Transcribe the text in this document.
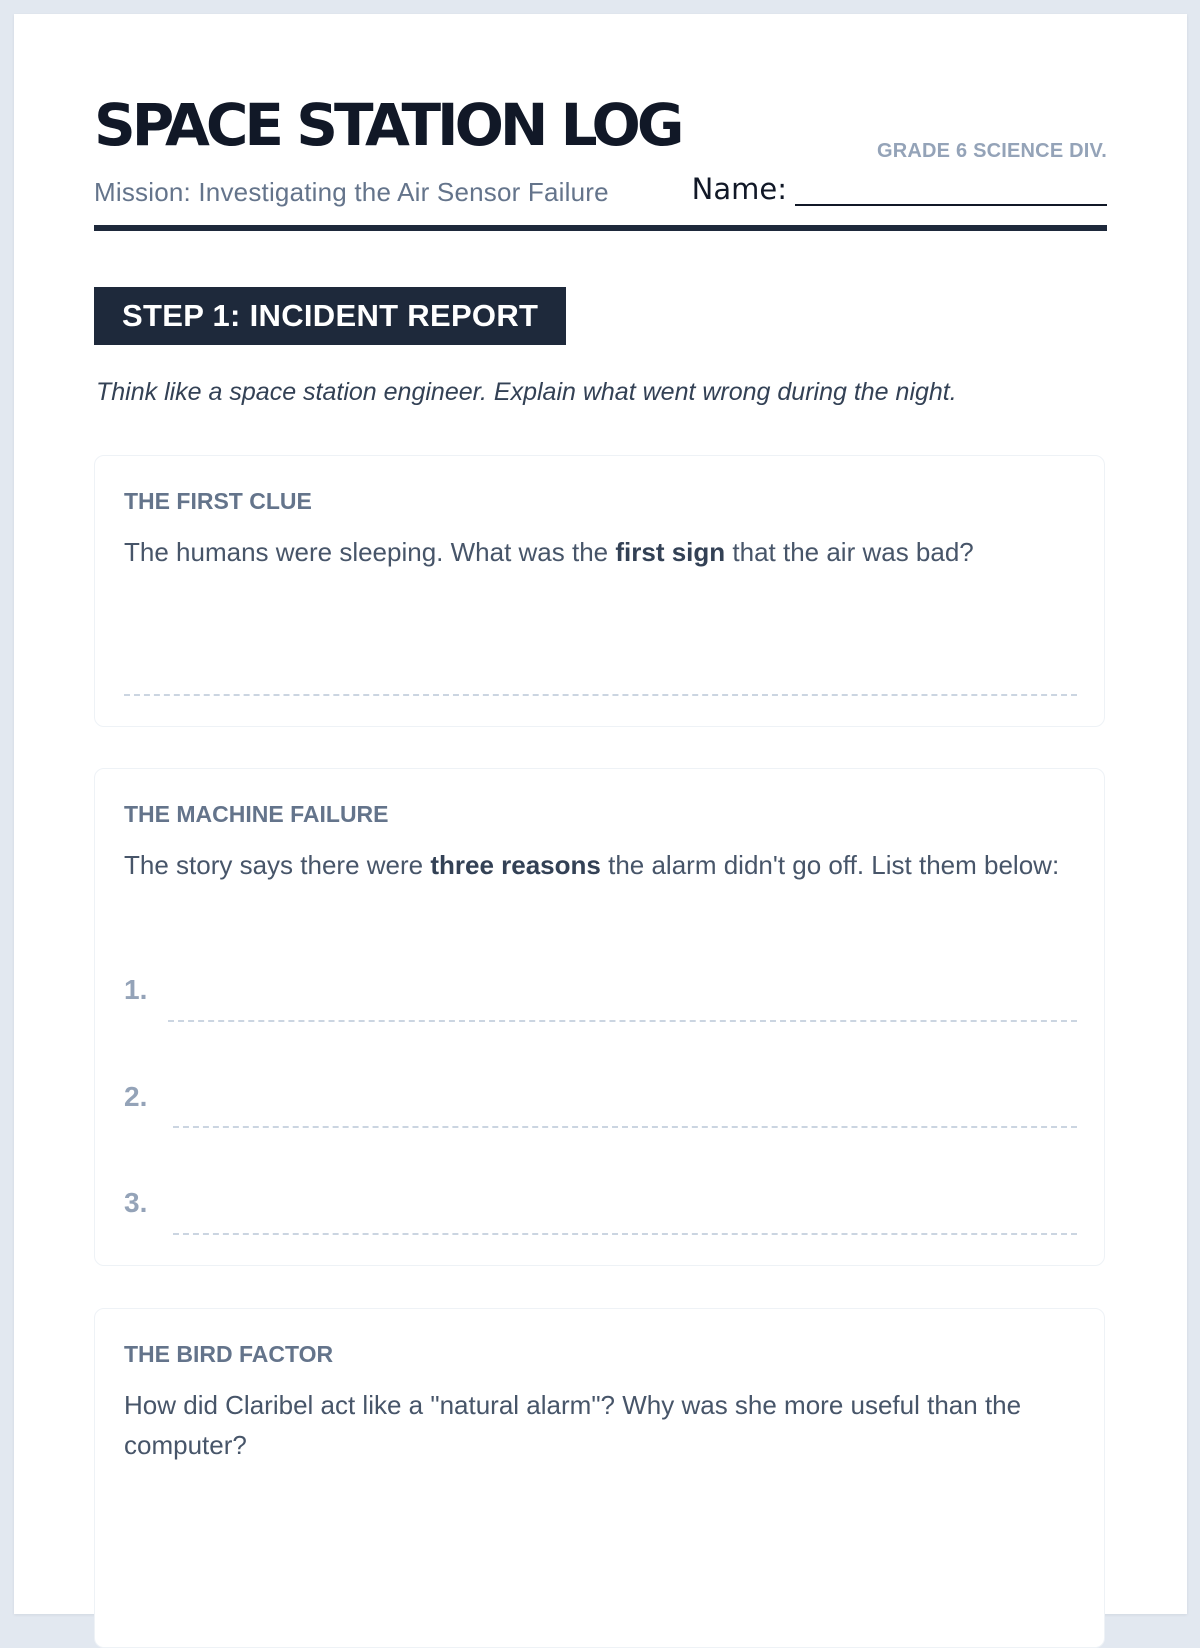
SPACE STATION LOG
Mission: Investigating the Air Sensor Failure
GRADE 6 SCIENCE DIV.
Name:
STEP 1: INCIDENT REPORT
Think like a space station engineer. Explain what went wrong during the night.
THE FIRST CLUE

The humans were sleeping. What was the first sign that the air was bad?

THE MACHINE FAILURE

The story says there were three reasons the alarm didn't go off. List them below:

1.
2.
3.
THE BIRD FACTOR

How did Claribel act like a "natural alarm"? Why was she more useful than the computer?
